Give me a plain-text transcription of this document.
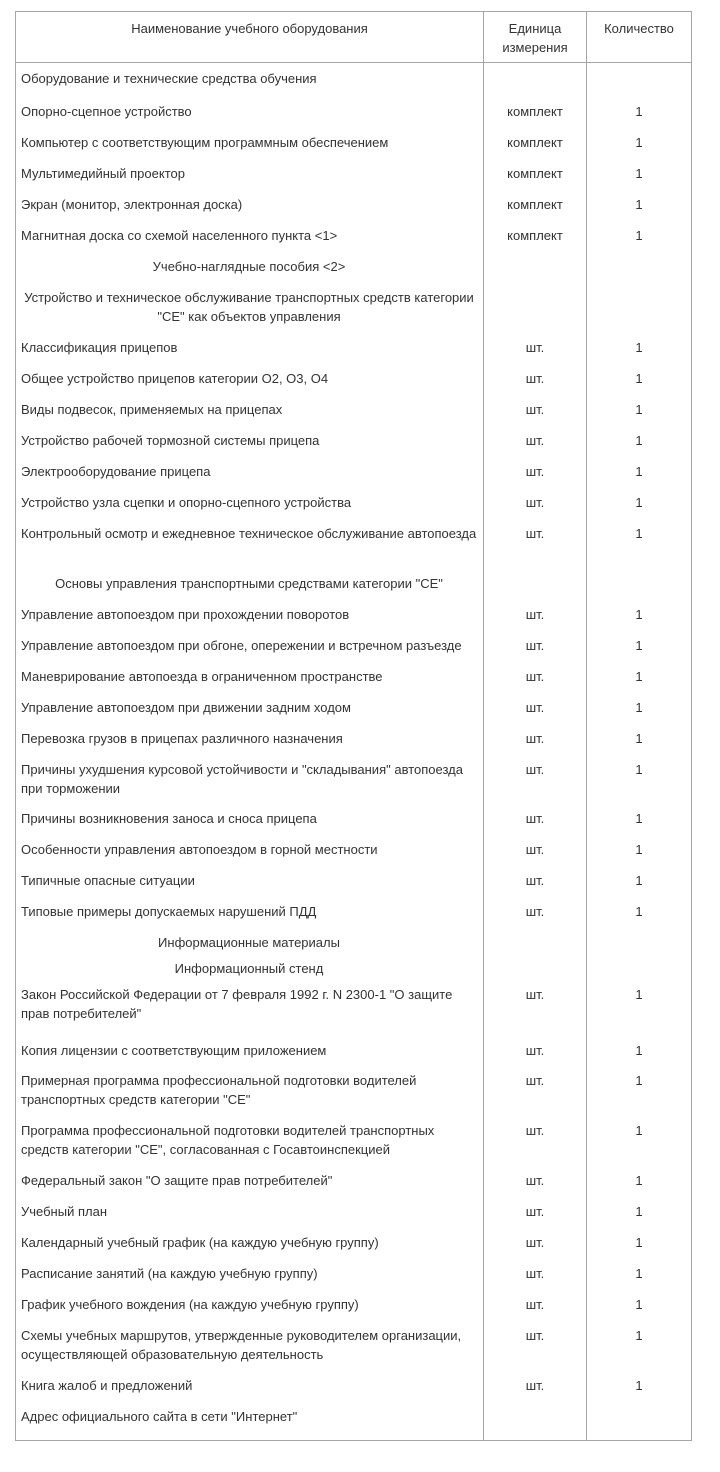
Наименование учебного оборудования	Единица измерения	Количество
Оборудование и технические средства обучения		
Опорно-сцепное устройство	комплект	1
Компьютер с соответствующим программным обеспечением	комплект	1
Мультимедийный проектор	комплект	1
Экран (монитор, электронная доска)	комплект	1
Магнитная доска со схемой населенного пункта <1>	комплект	1
Учебно-наглядные пособия <2>		
Устройство и техническое обслуживание транспортных средств категории "CE" как объектов управления		
Классификация прицепов	шт.	1
Общее устройство прицепов категории O2, O3, O4	шт.	1
Виды подвесок, применяемых на прицепах	шт.	1
Устройство рабочей тормозной системы прицепа	шт.	1
Электрооборудование прицепа	шт.	1
Устройство узла сцепки и опорно-сцепного устройства	шт.	1
Контрольный осмотр и ежедневное техническое обслуживание автопоезда	шт.	1
Основы управления транспортными средствами категории "CE"		
Управление автопоездом при прохождении поворотов	шт.	1
Управление автопоездом при обгоне, опережении и встречном разъезде	шт.	1
Маневрирование автопоезда в ограниченном пространстве	шт.	1
Управление автопоездом при движении задним ходом	шт.	1
Перевозка грузов в прицепах различного назначения	шт.	1
Причины ухудшения курсовой устойчивости и "складывания" автопоезда при торможении	шт.	1
Причины возникновения заноса и сноса прицепа	шт.	1
Особенности управления автопоездом в горной местности	шт.	1
Типичные опасные ситуации	шт.	1
Типовые примеры допускаемых нарушений ПДД	шт.	1
Информационные материалы		
Информационный стенд		
Закон Российской Федерации от 7 февраля 1992 г. N 2300-1 "О защите прав потребителей"	шт.	1
Копия лицензии с соответствующим приложением	шт.	1
Примерная программа профессиональной подготовки водителей транспортных средств категории "CE"	шт.	1
Программа профессиональной подготовки водителей транспортных средств категории "CE", согласованная с Госавтоинспекцией	шт.	1
Федеральный закон "О защите прав потребителей"	шт.	1
Учебный план	шт.	1
Календарный учебный график (на каждую учебную группу)	шт.	1
Расписание занятий (на каждую учебную группу)	шт.	1
График учебного вождения (на каждую учебную группу)	шт.	1
Схемы учебных маршрутов, утвержденные руководителем организации, осуществляющей образовательную деятельность	шт.	1
Книга жалоб и предложений	шт.	1
Адрес официального сайта в сети "Интернет"		
